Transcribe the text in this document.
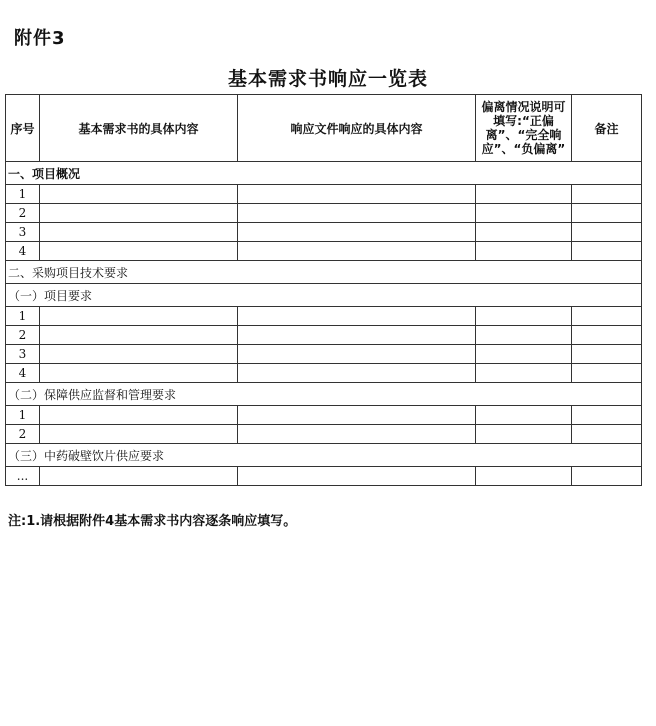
附件3
基本需求书响应一览表
序号	基本需求书的具体内容	响应文件响应的具体内容	偏离情况说明可填写:“正偏离”、“完全响应”、“负偏离”	备注
一、项目概况				
1				
2				
3				
4				
二、采购项目技术要求				
（一）项目要求				
1				
2				
3				
4				
（二）保障供应监督和管理要求				
1				
2				
（三）中药破壁饮片供应要求				
...				
注:1.请根据附件4基本需求书内容逐条响应填写。
